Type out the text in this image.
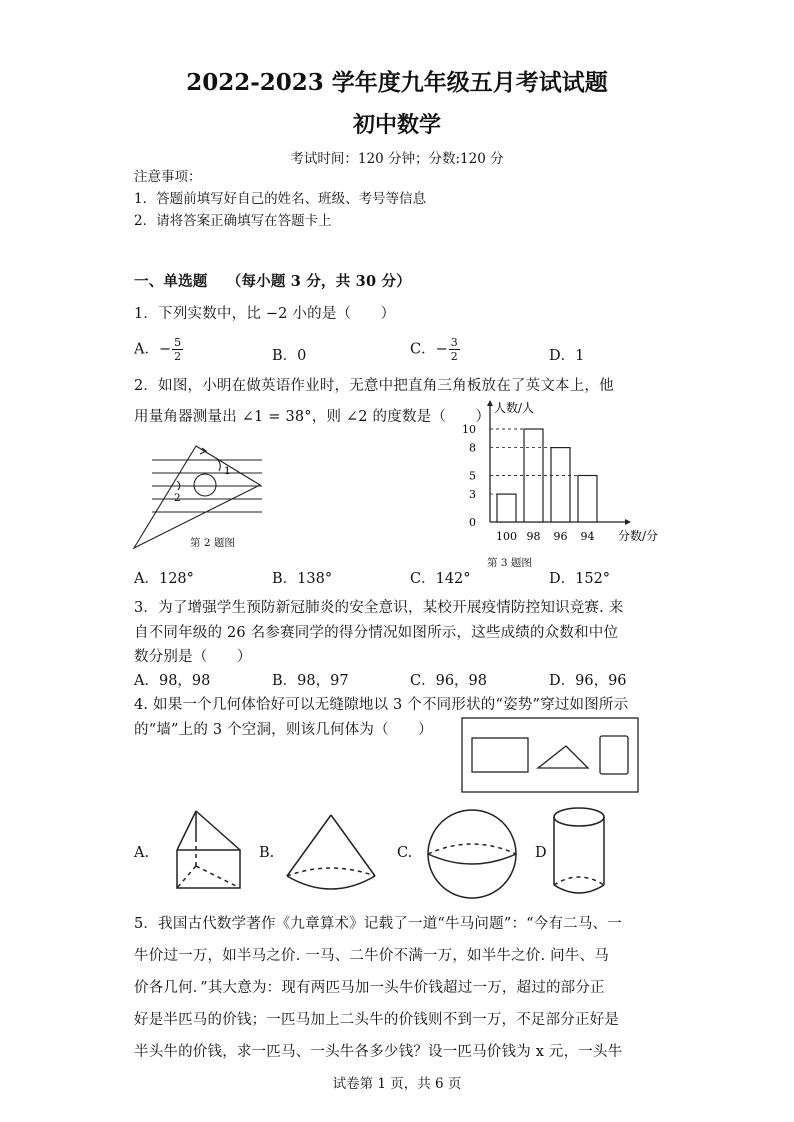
2022-2023 学年度九年级五月考试试题
初中数学
考试时间：120 分钟；分数:120 分
注意事项：
1．答题前填写好自己的姓名、班级、考号等信息
2．请将答案正确填写在答题卡上
一、单选题 （每小题 3 分，共 30 分）
1．下列实数中，比 −2 小的是（　　）
A．− $\frac{5}{2}$	B．0	C．− $\frac{3}{2}$	D．1
2．如图，小明在做英语作业时，无意中把直角三角板放在了英文本上，他
用量角器测量出 ∠1 = 38°，则 ∠2 的度数是（　　）
1
2
第 2 题图
人数/人
分数/分
0
3
5
8
10
100 98 96 94
第 3 题图
A．128°	B．138°	C．142°	D．152°
3．为了增强学生预防新冠肺炎的安全意识，某校开展疫情防控知识竞赛. 来
自不同年级的 26 名参赛同学的得分情况如图所示，这些成绩的众数和中位
数分别是（　　）
A．98，98	B．98，97	C．96，98	D．96，96
4. 如果一个几何体恰好可以无缝隙地以 3 个不同形状的“姿势”穿过如图所示
的“墙”上的 3 个空洞，则该几何体为（　　）
A.	B.	C.	D
5．我国古代数学著作《九章算术》记载了一道“牛马问题”：“今有二马、一
牛价过一万，如半马之价. 一马、二牛价不满一万，如半牛之价. 问牛、马
价各几何．”其大意为：现有两匹马加一头牛价钱超过一万，超过的部分正
好是半匹马的价钱；一匹马加上二头牛的价钱则不到一万，不足部分正好是
半头牛的价钱，求一匹马、一头牛各多少钱？设一匹马价钱为 x 元，一头牛
试卷第 1 页，共 6 页
